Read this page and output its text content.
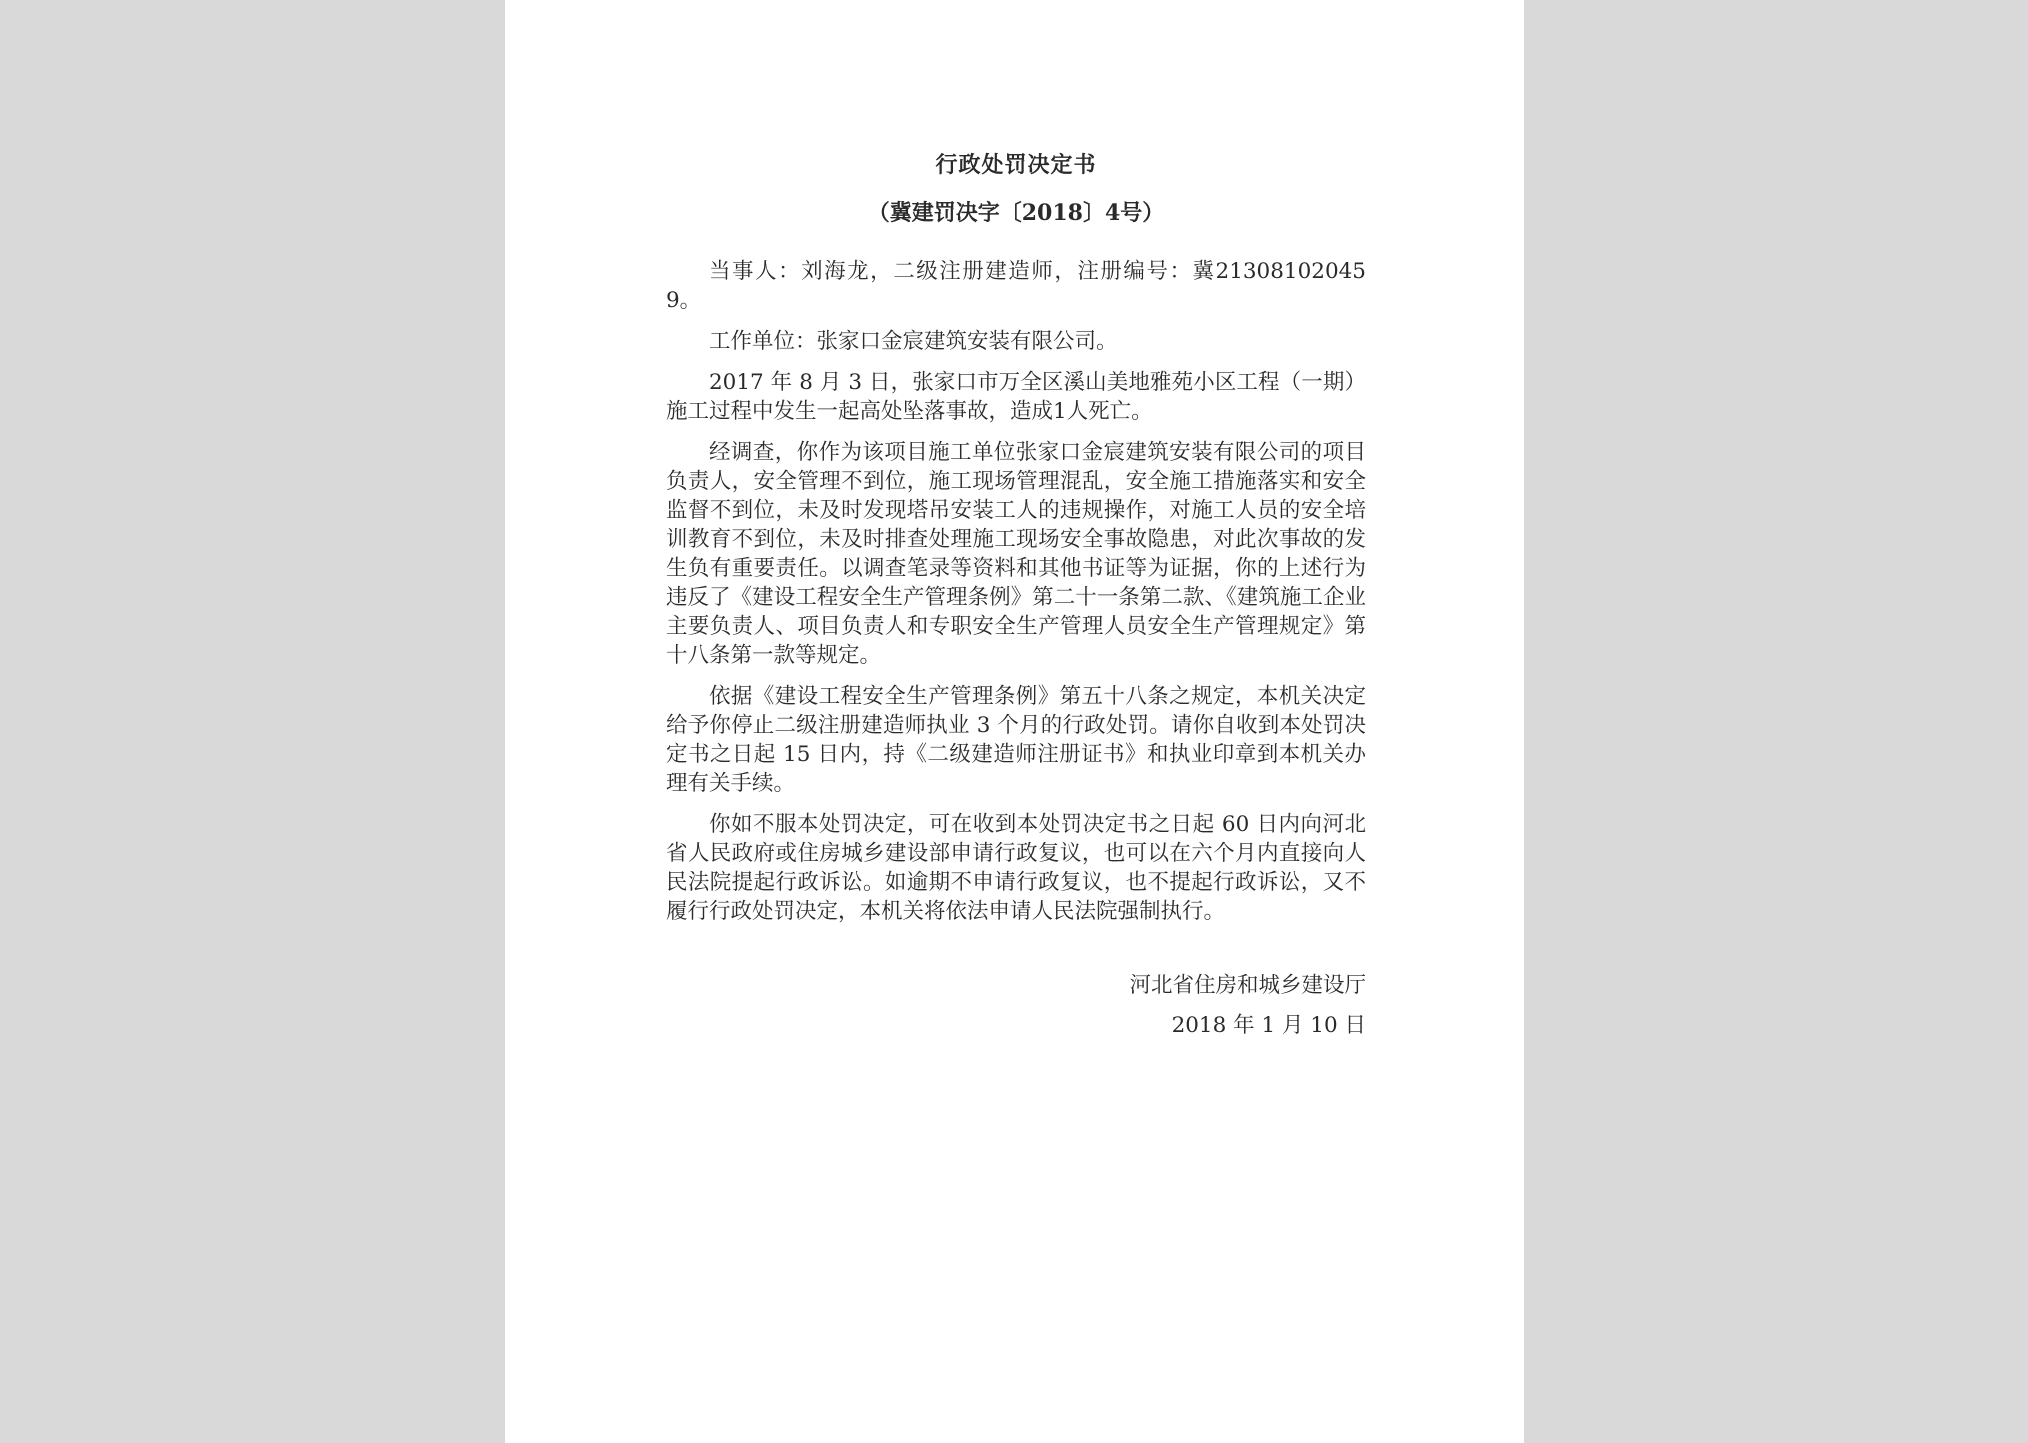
行政处罚决定书
（冀建罚决字〔2018〕4号）

当事人：刘海龙，二级注册建造师，注册编号：冀213081020459。

工作单位：张家口金宸建筑安装有限公司。

2017 年 8 月 3 日，张家口市万全区溪山美地雅苑小区工程（一期）施工过程中发生一起高处坠落事故，造成1人死亡。

经调查，你作为该项目施工单位张家口金宸建筑安装有限公司的项目负责人，安全管理不到位，施工现场管理混乱，安全施工措施落实和安全监督不到位，未及时发现塔吊安装工人的违规操作，对施工人员的安全培训教育不到位，未及时排查处理施工现场安全事故隐患，对此次事故的发生负有重要责任。以调查笔录等资料和其他书证等为证据，你的上述行为违反了《建设工程安全生产管理条例》第二十一条第二款、《建筑施工企业主要负责人、项目负责人和专职安全生产管理人员安全生产管理规定》第十八条第一款等规定。

依据《建设工程安全生产管理条例》第五十八条之规定，本机关决定给予你停止二级注册建造师执业 3 个月的行政处罚。请你自收到本处罚决定书之日起 15 日内，持《二级建造师注册证书》和执业印章到本机关办理有关手续。

你如不服本处罚决定，可在收到本处罚决定书之日起 60 日内向河北省人民政府或住房城乡建设部申请行政复议，也可以在六个月内直接向人民法院提起行政诉讼。如逾期不申请行政复议，也不提起行政诉讼，又不履行行政处罚决定，本机关将依法申请人民法院强制执行。

河北省住房和城乡建设厅
2018 年 1 月 10 日
